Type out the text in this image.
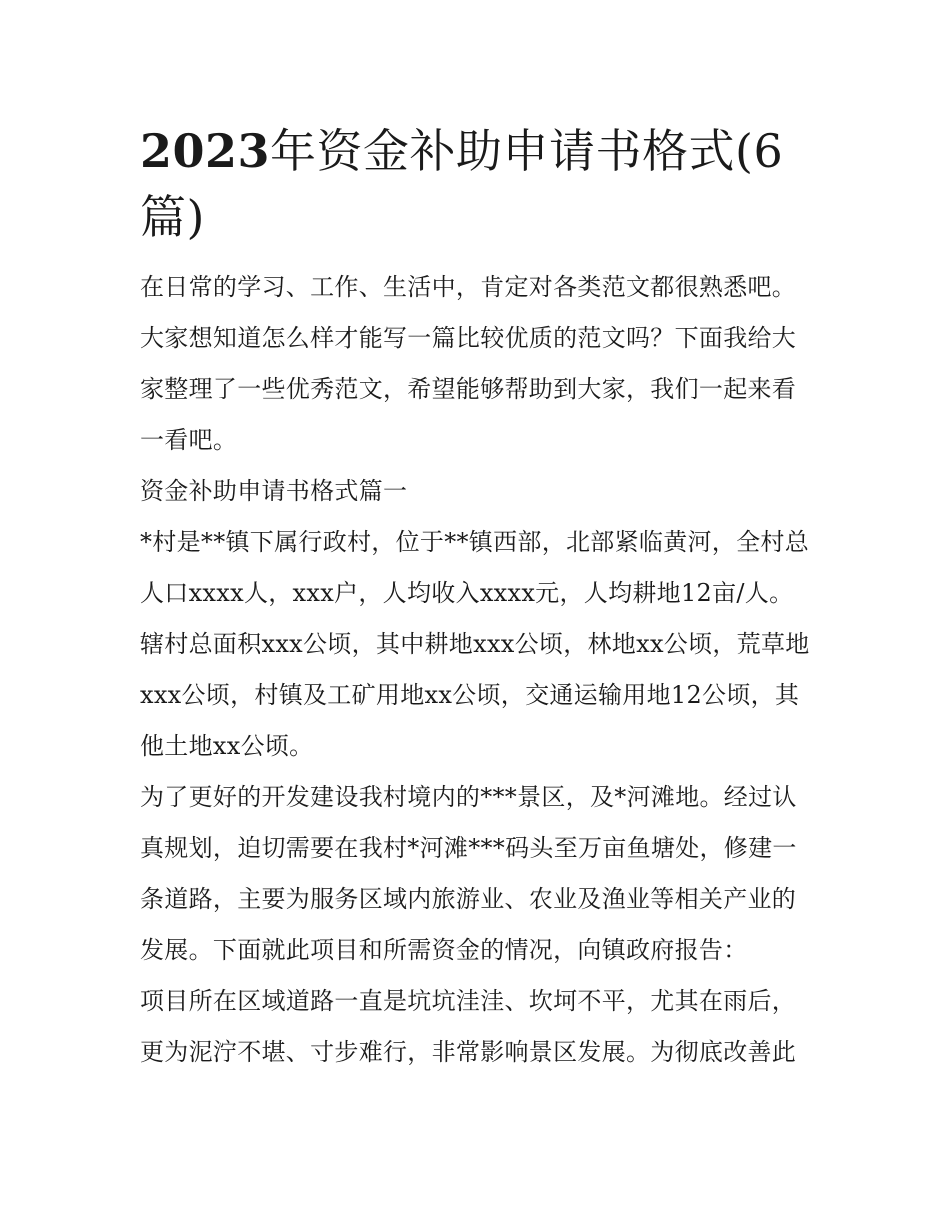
2023年资金补助申请书格式(6篇)

在日常的学习、工作、生活中，肯定对各类范文都很熟悉吧。大家想知道怎么样才能写一篇比较优质的范文吗？下面我给大家整理了一些优秀范文，希望能够帮助到大家，我们一起来看一看吧。

资金补助申请书格式篇一

*村是**镇下属行政村，位于**镇西部，北部紧临黄河，全村总人口xxxx人，xxx户，人均收入xxxx元，人均耕地12亩/人。辖村总面积xxx公顷，其中耕地xxx公顷，林地xx公顷，荒草地xxx公顷，村镇及工矿用地xx公顷，交通运输用地12公顷，其他土地xx公顷。

为了更好的开发建设我村境内的***景区，及*河滩地。经过认真规划，迫切需要在我村*河滩***码头至万亩鱼塘处，修建一条道路，主要为服务区域内旅游业、农业及渔业等相关产业的发展。下面就此项目和所需资金的情况，向镇政府报告：

项目所在区域道路一直是坑坑洼洼、坎坷不平，尤其在雨后，更为泥泞不堪、寸步难行，非常影响景区发展。为彻底改善此
